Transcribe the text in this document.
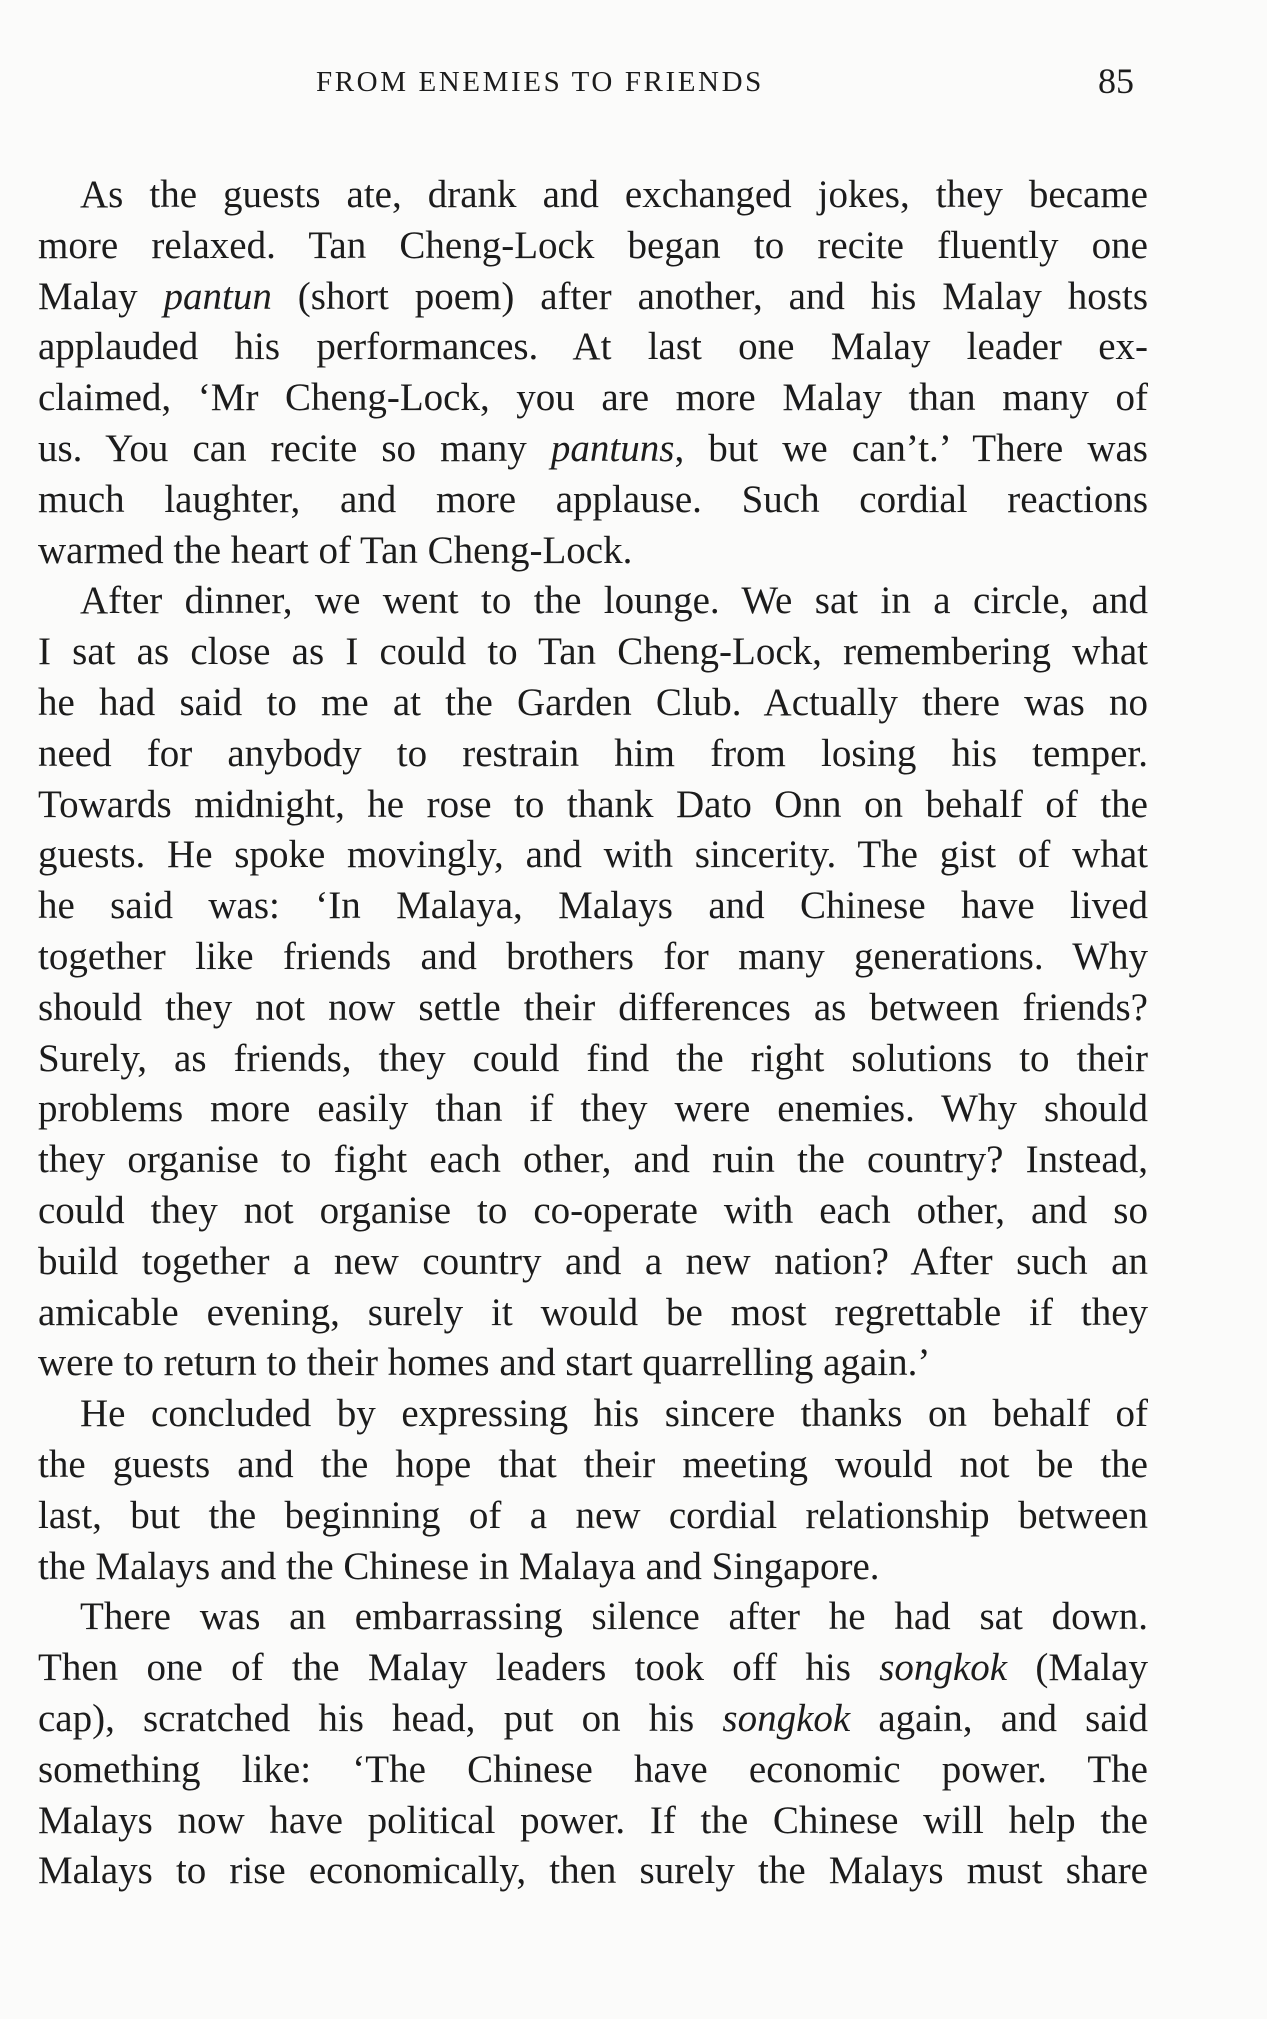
FROM ENEMIES TO FRIENDS	85
As the guests ate, drank and exchanged jokes, they became
more relaxed. Tan Cheng-Lock began to recite fluently one
Malay pantun (short poem) after another, and his Malay hosts
applauded his performances. At last one Malay leader ex-
claimed, ‘Mr Cheng-Lock, you are more Malay than many of
us. You can recite so many pantuns, but we can’t.’ There was
much laughter, and more applause. Such cordial reactions
warmed the heart of Tan Cheng-Lock.
After dinner, we went to the lounge. We sat in a circle, and
I sat as close as I could to Tan Cheng-Lock, remembering what
he had said to me at the Garden Club. Actually there was no
need for anybody to restrain him from losing his temper.
Towards midnight, he rose to thank Dato Onn on behalf of the
guests. He spoke movingly, and with sincerity. The gist of what
he said was: ‘In Malaya, Malays and Chinese have lived
together like friends and brothers for many generations. Why
should they not now settle their differences as between friends?
Surely, as friends, they could find the right solutions to their
problems more easily than if they were enemies. Why should
they organise to fight each other, and ruin the country? Instead,
could they not organise to co-operate with each other, and so
build together a new country and a new nation? After such an
amicable evening, surely it would be most regrettable if they
were to return to their homes and start quarrelling again.’
He concluded by expressing his sincere thanks on behalf of
the guests and the hope that their meeting would not be the
last, but the beginning of a new cordial relationship between
the Malays and the Chinese in Malaya and Singapore.
There was an embarrassing silence after he had sat down.
Then one of the Malay leaders took off his songkok (Malay
cap), scratched his head, put on his songkok again, and said
something like: ‘The Chinese have economic power. The
Malays now have political power. If the Chinese will help the
Malays to rise economically, then surely the Malays must share
